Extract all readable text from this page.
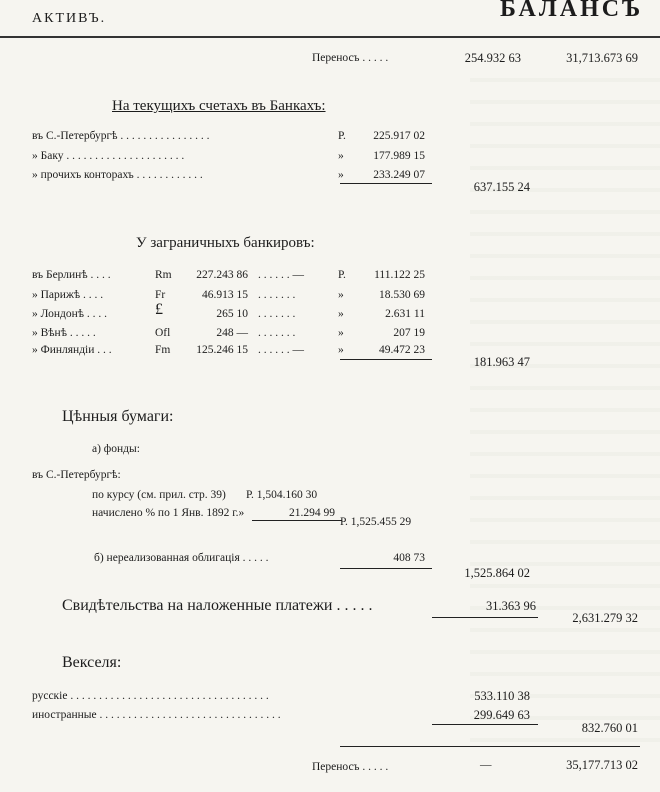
АКТИВЪ.	БАЛАНСЪ
Переносъ . . . . .	254.932 63	31,713.673 69
На текущихъ счетахъ въ Банкахъ:
въ С.-Петербургѣ . . . . . . . . . . . . . . . .	Р.	225.917 02
» Баку . . . . . . . . . . . . . . . . . . . . .	»	177.989 15
» прочихъ конторахъ . . . . . . . . . . . .	»	233.249 07
637.155 24
У заграничныхъ банкировъ:
въ Берлинѣ . . . .	Rm	227.243 86 . . . . . . —	Р.	111.122 25
» Парижѣ . . . .	Fr	46.913 15 . . . . . . .	»	18.530 69
» Лондонѣ . . . .	£	265 10 . . . . . . .	»	2.631 11
» Вѣнѣ . . . . .	Ofl	248 — . . . . . . .	»	207 19
» Финляндіи . . .	Fm	125.246 15 . . . . . . —	»	49.472 23
181.963 47
Цѣнныя бумаги:
а) фонды:
въ С.-Петербургѣ:
по курсу (см. прил. стр. 39) Р. 1,504.160 30
начислено % по 1 Янв. 1892 г.»	21.294 99
Р. 1,525.455 29
б) нереализованная облигація . . . . .	408 73
1,525.864 02
Свидѣтельства на наложенные платежи . . . . .	31.363 96
2,631.279 32
Векселя:
русскіе . . . . . . . . . . . . . . . . . . . . . . . . . . . . . . . . . . .	533.110 38
иностранные . . . . . . . . . . . . . . . . . . . . . . . . . . . . . . . .	299.649 63
832.760 01
Переносъ . . . . .	—	35,177.713 02
